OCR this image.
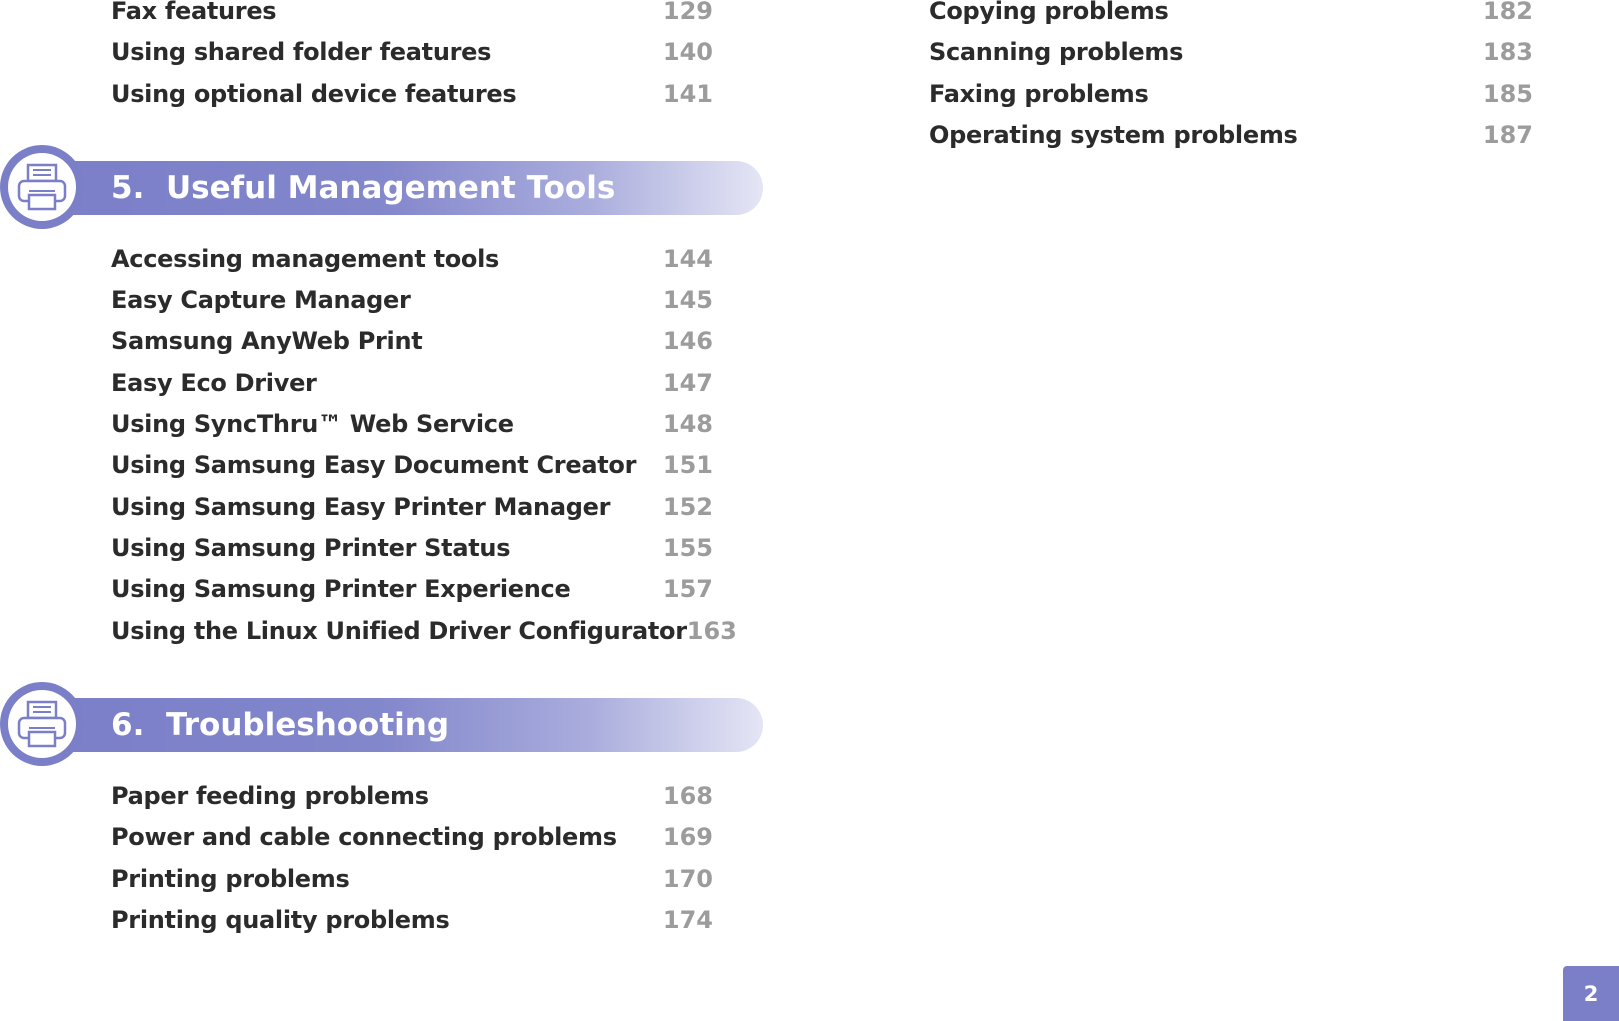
Fax features	129
Using shared folder features	140
Using optional device features	141
5. Useful Management Tools
Accessing management tools	144
Easy Capture Manager	145
Samsung AnyWeb Print	146
Easy Eco Driver	147
Using SyncThru™ Web Service	148
Using Samsung Easy Document Creator 151
Using Samsung Easy Printer Manager 152
Using Samsung Printer Status	155
Using Samsung Printer Experience	157
Using the Linux Unified Driver Configurator 163
6. Troubleshooting
Paper feeding problems	168
Power and cable connecting problems 169
Printing problems	170
Printing quality problems	174
Copying problems	182
Scanning problems	183
Faxing problems	185
Operating system problems	187
2
